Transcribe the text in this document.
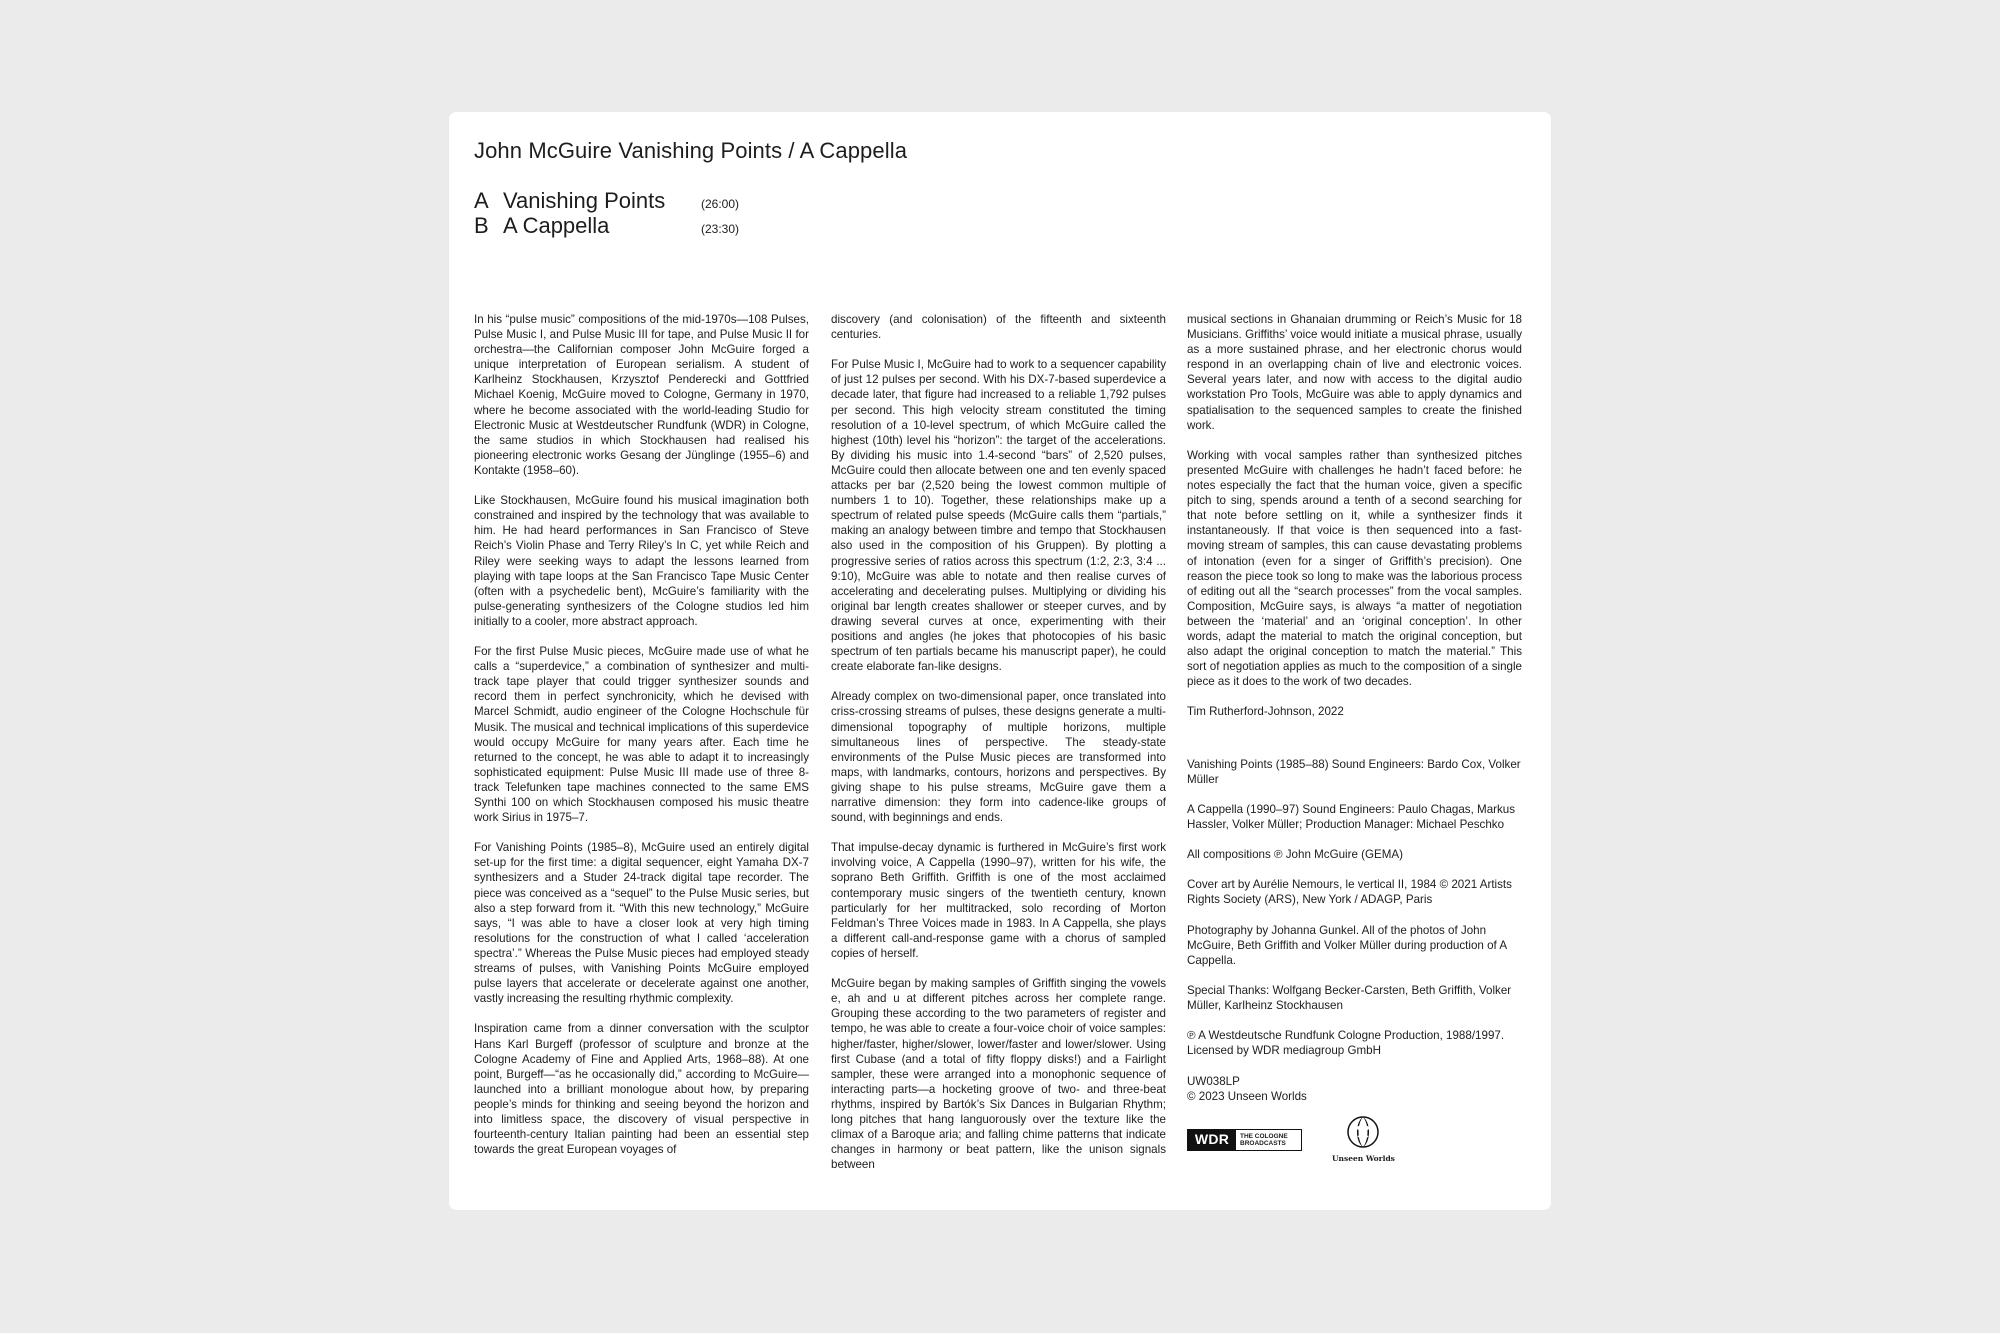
John McGuire Vanishing Points / A Cappella
A Vanishing Points	(26:00)
B A Cappella	(23:30)

In his “pulse music” compositions of the mid-1970s—108 Pulses, Pulse Music I, and Pulse Music III for tape, and Pulse Music II for orchestra—the Californian composer John McGuire forged a unique interpretation of European serialism. A student of Karlheinz Stockhausen, Krzysztof Penderecki and Gottfried Michael Koenig, McGuire moved to Cologne, Germany in 1970, where he become associated with the world-leading Studio for Electronic Music at Westdeutscher Rundfunk (WDR) in Cologne, the same studios in which Stockhausen had realised his pioneering electronic works Gesang der Jünglinge (1955–6) and Kontakte (1958–60).

Like Stockhausen, McGuire found his musical imagination both constrained and inspired by the technology that was available to him. He had heard performances in San Francisco of Steve Reich’s Violin Phase and Terry Riley’s In C, yet while Reich and Riley were seeking ways to adapt the lessons learned from playing with tape loops at the San Francisco Tape Music Center (often with a psychedelic bent), McGuire’s familiarity with the pulse-generating synthesizers of the Cologne studios led him initially to a cooler, more abstract approach.

For the first Pulse Music pieces, McGuire made use of what he calls a “superdevice,” a combination of synthesizer and multi-track tape player that could trigger synthesizer sounds and record them in perfect synchronicity, which he devised with Marcel Schmidt, audio engineer of the Cologne Hochschule für Musik. The musical and technical implications of this superdevice would occupy McGuire for many years after. Each time he returned to the concept, he was able to adapt it to increasingly sophisticated equipment: Pulse Music III made use of three 8-track Telefunken tape machines connected to the same EMS Synthi 100 on which Stockhausen composed his music theatre work Sirius in 1975–7.

For Vanishing Points (1985–8), McGuire used an entirely digital set-up for the first time: a digital sequencer, eight Yamaha DX-7 synthesizers and a Studer 24-track digital tape recorder. The piece was conceived as a “sequel” to the Pulse Music series, but also a step forward from it. “With this new technology,” McGuire says, “I was able to have a closer look at very high timing resolutions for the construction of what I called ‘acceleration spectra’.” Whereas the Pulse Music pieces had employed steady streams of pulses, with Vanishing Points McGuire employed pulse layers that accelerate or decelerate against one another, vastly increasing the resulting rhythmic complexity.

Inspiration came from a dinner conversation with the sculptor Hans Karl Burgeff (professor of sculpture and bronze at the Cologne Academy of Fine and Applied Arts, 1968–88). At one point, Burgeff—“as he occasionally did,” according to McGuire—launched into a brilliant monologue about how, by preparing people’s minds for thinking and seeing beyond the horizon and into limitless space, the discovery of visual perspective in fourteenth-century Italian painting had been an essential step towards the great European voyages of

discovery (and colonisation) of the fifteenth and sixteenth centuries.

For Pulse Music I, McGuire had to work to a sequencer capability of just 12 pulses per second. With his DX-7-based superdevice a decade later, that figure had increased to a reliable 1,792 pulses per second. This high velocity stream constituted the timing resolution of a 10-level spectrum, of which McGuire called the highest (10th) level his “horizon”: the target of the accelerations. By dividing his music into 1.4-second “bars” of 2,520 pulses, McGuire could then allocate between one and ten evenly spaced attacks per bar (2,520 being the lowest common multiple of numbers 1 to 10). Together, these relationships make up a spectrum of related pulse speeds (McGuire calls them “partials,” making an analogy between timbre and tempo that Stockhausen also used in the composition of his Gruppen). By plotting a progressive series of ratios across this spectrum (1:2, 2:3, 3:4 ... 9:10), McGuire was able to notate and then realise curves of accelerating and decelerating pulses. Multiplying or dividing his original bar length creates shallower or steeper curves, and by drawing several curves at once, experimenting with their positions and angles (he jokes that photocopies of his basic spectrum of ten partials became his manuscript paper), he could create elaborate fan-like designs.

Already complex on two-dimensional paper, once translated into criss-crossing streams of pulses, these designs generate a multi-dimensional topography of multiple horizons, multiple simultaneous lines of perspective. The steady-state environments of the Pulse Music pieces are transformed into maps, with landmarks, contours, horizons and perspectives. By giving shape to his pulse streams, McGuire gave them a narrative dimension: they form into cadence-like groups of sound, with beginnings and ends.

That impulse-decay dynamic is furthered in McGuire’s first work involving voice, A Cappella (1990–97), written for his wife, the soprano Beth Griffith. Griffith is one of the most acclaimed contemporary music singers of the twentieth century, known particularly for her multitracked, solo recording of Morton Feldman’s Three Voices made in 1983. In A Cappella, she plays a different call-and-response game with a chorus of sampled copies of herself.

McGuire began by making samples of Griffith singing the vowels e, ah and u at different pitches across her complete range. Grouping these according to the two parameters of register and tempo, he was able to create a four-voice choir of voice samples: higher/faster, higher/slower, lower/faster and lower/slower. Using first Cubase (and a total of fifty floppy disks!) and a Fairlight sampler, these were arranged into a monophonic sequence of interacting parts—a hocketing groove of two- and three-beat rhythms, inspired by Bartók’s Six Dances in Bulgarian Rhythm; long pitches that hang languorously over the texture like the climax of a Baroque aria; and falling chime patterns that indicate changes in harmony or beat pattern, like the unison signals between

musical sections in Ghanaian drumming or Reich’s Music for 18 Musicians. Griffiths’ voice would initiate a musical phrase, usually as a more sustained phrase, and her electronic chorus would respond in an overlapping chain of live and electronic voices. Several years later, and now with access to the digital audio workstation Pro Tools, McGuire was able to apply dynamics and spatialisation to the sequenced samples to create the finished work.

Working with vocal samples rather than synthesized pitches presented McGuire with challenges he hadn’t faced before: he notes especially the fact that the human voice, given a specific pitch to sing, spends around a tenth of a second searching for that note before settling on it, while a synthesizer finds it instantaneously. If that voice is then sequenced into a fast-moving stream of samples, this can cause devastating problems of intonation (even for a singer of Griffith’s precision). One reason the piece took so long to make was the laborious process of editing out all the “search processes” from the vocal samples. Composition, McGuire says, is always “a matter of negotiation between the ‘material’ and an ‘original conception’. In other words, adapt the material to match the original conception, but also adapt the original conception to match the material.” This sort of negotiation applies as much to the composition of a single piece as it does to the work of two decades.

Tim Rutherford-Johnson, 2022

Vanishing Points (1985–88) Sound Engineers: Bardo Cox, Volker Müller

A Cappella (1990–97) Sound Engineers: Paulo Chagas, Markus Hassler, Volker Müller; Production Manager: Michael Peschko

All compositions ℗ John McGuire (GEMA)

Cover art by Aurélie Nemours, le vertical II, 1984 © 2021 Artists Rights Society (ARS), New York / ADAGP, Paris

Photography by Johanna Gunkel. All of the photos of John McGuire, Beth Griffith and Volker Müller during production of A Cappella.

Special Thanks: Wolfgang Becker-Carsten, Beth Griffith, Volker Müller, Karlheinz Stockhausen

℗ A Westdeutsche Rundfunk Cologne Production, 1988/1997. Licensed by WDR mediagroup GmbH

UW038LP

© 2023 Unseen Worlds

WDR	THE COLOGNE
BROADCASTS
Unseen Worlds
